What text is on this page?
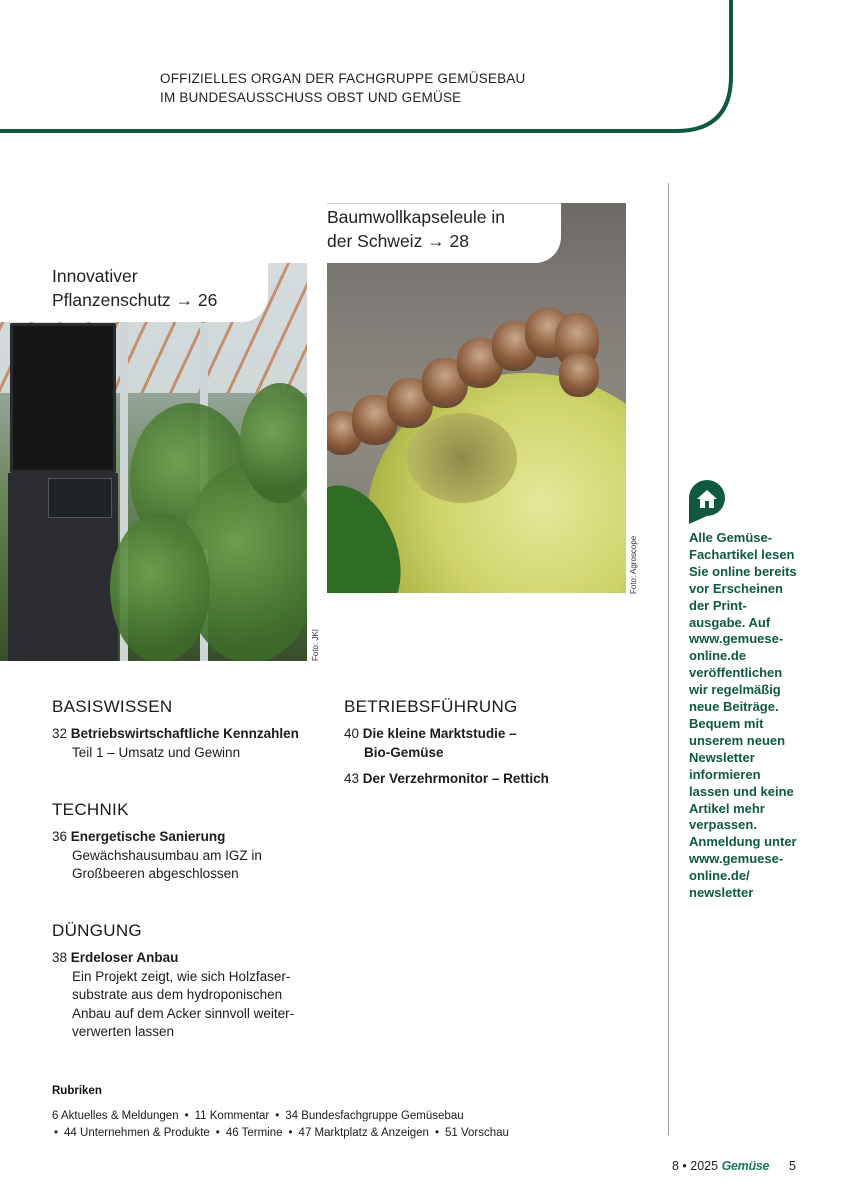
OFFIZIELLES ORGAN DER FACHGRUPPE GEMÜSEBAU
IM BUNDESAUSSCHUSS OBST UND GEMÜSE
Innovativer
Pflanzenschutz → 26
Foto: JKI
Baumwollkapseleule in
der Schweiz → 28
Foto: Agroscope
BASISWISSEN
32 Betriebswirtschaftliche Kennzahlen
Teil 1 – Umsatz und Gewinn
TECHNIK
36 Energetische Sanierung
Gewächshausumbau am IGZ in
Großbeeren abgeschlossen
DÜNGUNG
38 Erdeloser Anbau
Ein Projekt zeigt, wie sich Holzfaser-
substrate aus dem hydroponischen
Anbau auf dem Acker sinnvoll weiter-
verwerten lassen
BETRIEBSFÜHRUNG
40 Die kleine Marktstudie –
Bio-Gemüse
43 Der Verzehrmonitor – Rettich
Alle Gemüse-
Fachartikel lesen
Sie online bereits
vor Erscheinen
der Print-
ausgabe. Auf
www.gemuese-
online.de
veröffentlichen
wir regelmäßig
neue Beiträge.
Bequem mit
unserem neuen
Newsletter
informieren
lassen und keine
Artikel mehr
verpassen.
Anmeldung unter
www.gemuese-
online.de/
newsletter
Rubriken
6 Aktuelles & Meldungen • 11 Kommentar • 34 Bundesfachgruppe Gemüsebau
• 44 Unternehmen & Produkte • 46 Termine • 47 Marktplatz & Anzeigen • 51 Vorschau
8 • 2025 Gemüse 5
